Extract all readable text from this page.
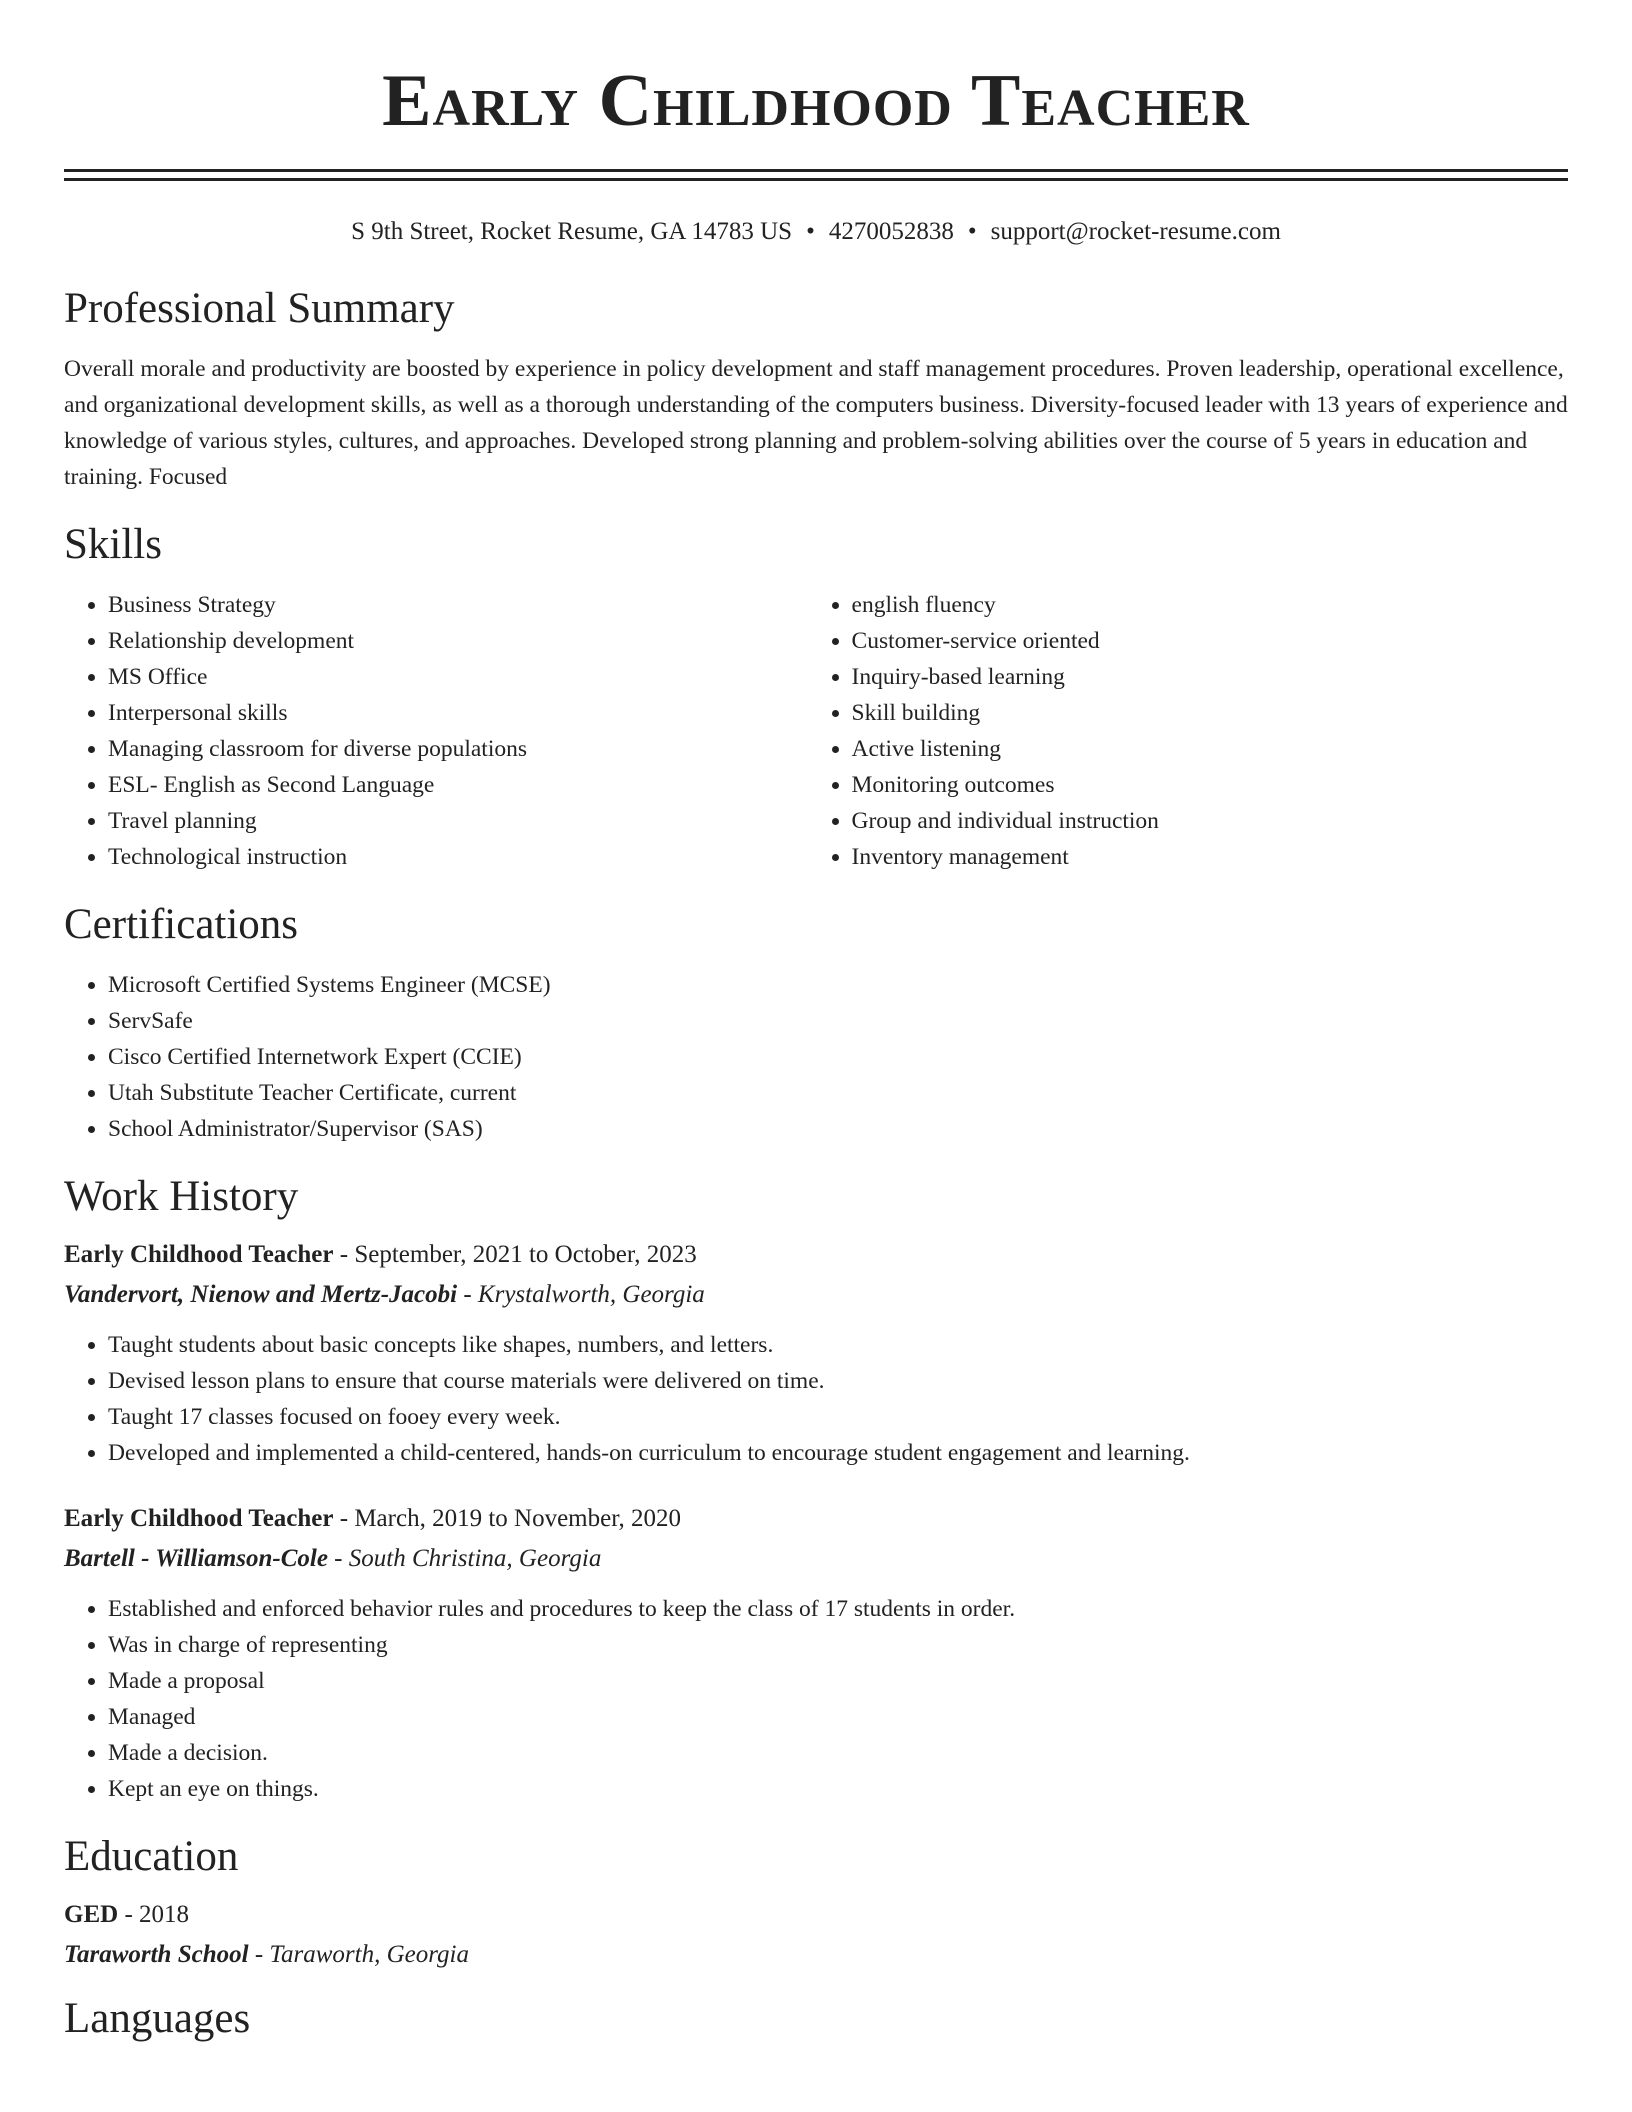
Early Childhood Teacher
S 9th Street, Rocket Resume, GA 14783 US • 4270052838 • support@rocket-resume.com
Professional Summary

Overall morale and productivity are boosted by experience in policy development and staff management procedures. Proven leadership, operational excellence, and organizational development skills, as well as a thorough understanding of the computers business. Diversity-focused leader with 13 years of experience and knowledge of various styles, cultures, and approaches. Developed strong planning and problem-solving abilities over the course of 5 years in education and training. Focused

Skills
• Business Strategy
• Relationship development
• MS Office
• Interpersonal skills
• Managing classroom for diverse populations
• ESL- English as Second Language
• Travel planning
• Technological instruction
• english fluency
• Customer-service oriented
• Inquiry-based learning
• Skill building
• Active listening
• Monitoring outcomes
• Group and individual instruction
• Inventory management
Certifications
• Microsoft Certified Systems Engineer (MCSE)
• ServSafe
• Cisco Certified Internetwork Expert (CCIE)
• Utah Substitute Teacher Certificate, current
• School Administrator/Supervisor (SAS)
Work History
Early Childhood Teacher - September, 2021 to October, 2023
Vandervort, Nienow and Mertz-Jacobi - Krystalworth, Georgia
• Taught students about basic concepts like shapes, numbers, and letters.
• Devised lesson plans to ensure that course materials were delivered on time.
• Taught 17 classes focused on fooey every week.
• Developed and implemented a child-centered, hands-on curriculum to encourage student engagement and learning.
Early Childhood Teacher - March, 2019 to November, 2020
Bartell - Williamson-Cole - South Christina, Georgia
• Established and enforced behavior rules and procedures to keep the class of 17 students in order.
• Was in charge of representing
• Made a proposal
• Managed
• Made a decision.
• Kept an eye on things.
Education
GED - 2018
Taraworth School - Taraworth, Georgia
Languages
